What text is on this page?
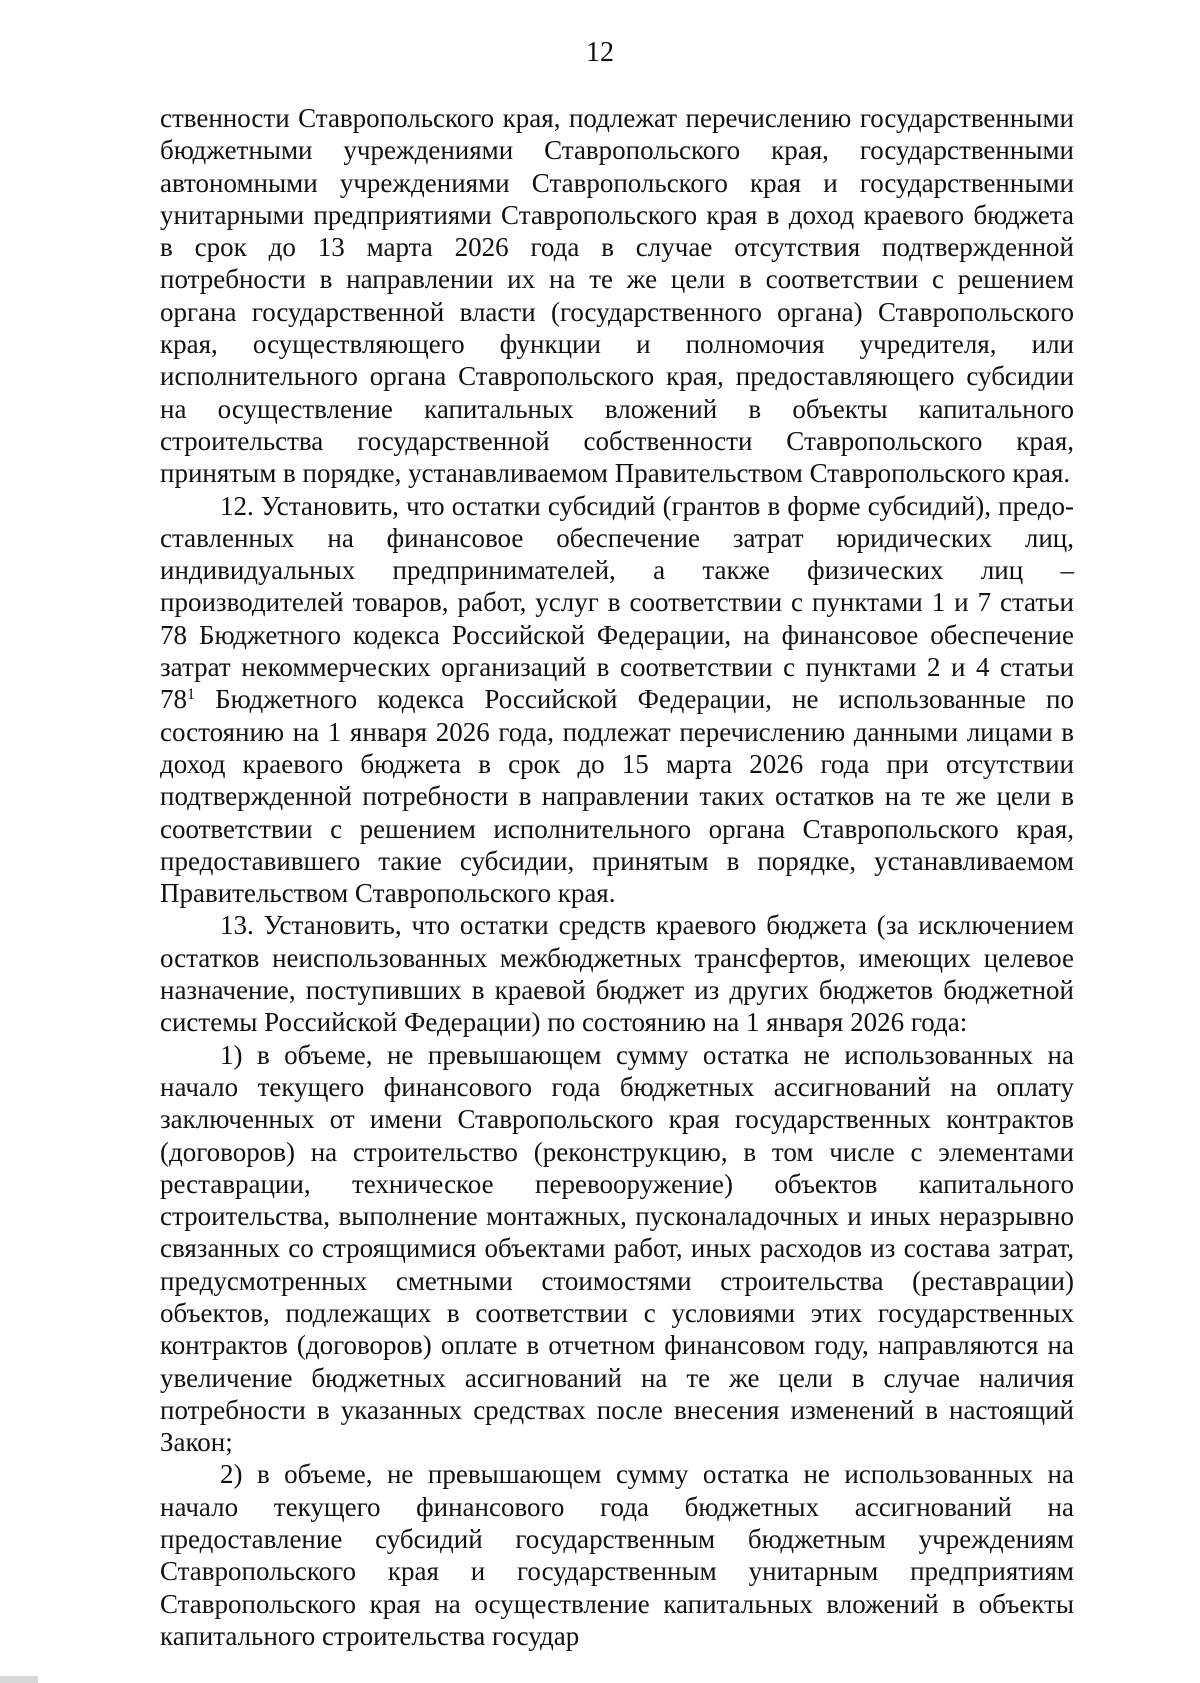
12

ственности Ставропольского края, подлежат перечислению государственными бюджетными учреждениями Ставропольского края, государственными автономными учреждениями Ставропольского края и государственными унитарными предприятиями Ставропольского края в доход краевого бюджета в срок до 13 марта 2026 года в случае отсутствия подтвержденной потребности в направлении их на те же цели в соответствии с решением органа государственной власти (государственного органа) Ставропольского края, осуществляющего функции и полномочия учредителя, или исполнительного органа Ставропольского края, предоставляющего субсидии на осуществление капитальных вложений в объекты капитального строительства государственной собственности Ставропольского края, принятым в порядке, устанавливаемом Правительством Ставропольского края.

12. Установить, что остатки субсидий (грантов в форме субсидий), предоставленных на финансовое обеспечение затрат юридических лиц, индивидуальных предпринимателей, а также физических лиц – производителей товаров, работ, услуг в соответствии с пунктами 1 и 7 статьи 78 Бюджетного кодекса Российской Федерации, на финансовое обеспечение затрат некоммерческих организаций в соответствии с пунктами 2 и 4 статьи $78^1$ Бюджетного кодекса Российской Федерации, не использованные по состоянию на 1 января 2026 года, подлежат перечислению данными лицами в доход краевого бюджета в срок до 15 марта 2026 года при отсутствии подтвержденной потребности в направлении таких остатков на те же цели в соответствии с решением исполнительного органа Ставропольского края, предоставившего такие субсидии, принятым в порядке, устанавливаемом Правительством Ставропольского края.

13. Установить, что остатки средств краевого бюджета (за исключением остатков неиспользованных межбюджетных трансфертов, имеющих целевое назначение, поступивших в краевой бюджет из других бюджетов бюджетной системы Российской Федерации) по состоянию на 1 января 2026 года:

1) в объеме, не превышающем сумму остатка не использованных на начало текущего финансового года бюджетных ассигнований на оплату заключенных от имени Ставропольского края государственных контрактов (договоров) на строительство (реконструкцию, в том числе с элементами реставрации, техническое перевооружение) объектов капитального строительства, выполнение монтажных, пусконаладочных и иных неразрывно связанных со строящимися объектами работ, иных расходов из состава затрат, предусмотренных сметными стоимостями строительства (реставрации) объектов, подлежащих в соответствии с условиями этих государственных контрактов (договоров) оплате в отчетном финансовом году, направляются на увеличение бюджетных ассигнований на те же цели в случае наличия потребности в указанных средствах после внесения изменений в настоящий Закон;

2) в объеме, не превышающем сумму остатка не использованных на начало текущего финансового года бюджетных ассигнований на предоставление субсидий государственным бюджетным учреждениям Ставропольского края и государственным унитарным предприятиям Ставропольского края на осуществление капитальных вложений в объекты капитального строительства государ
